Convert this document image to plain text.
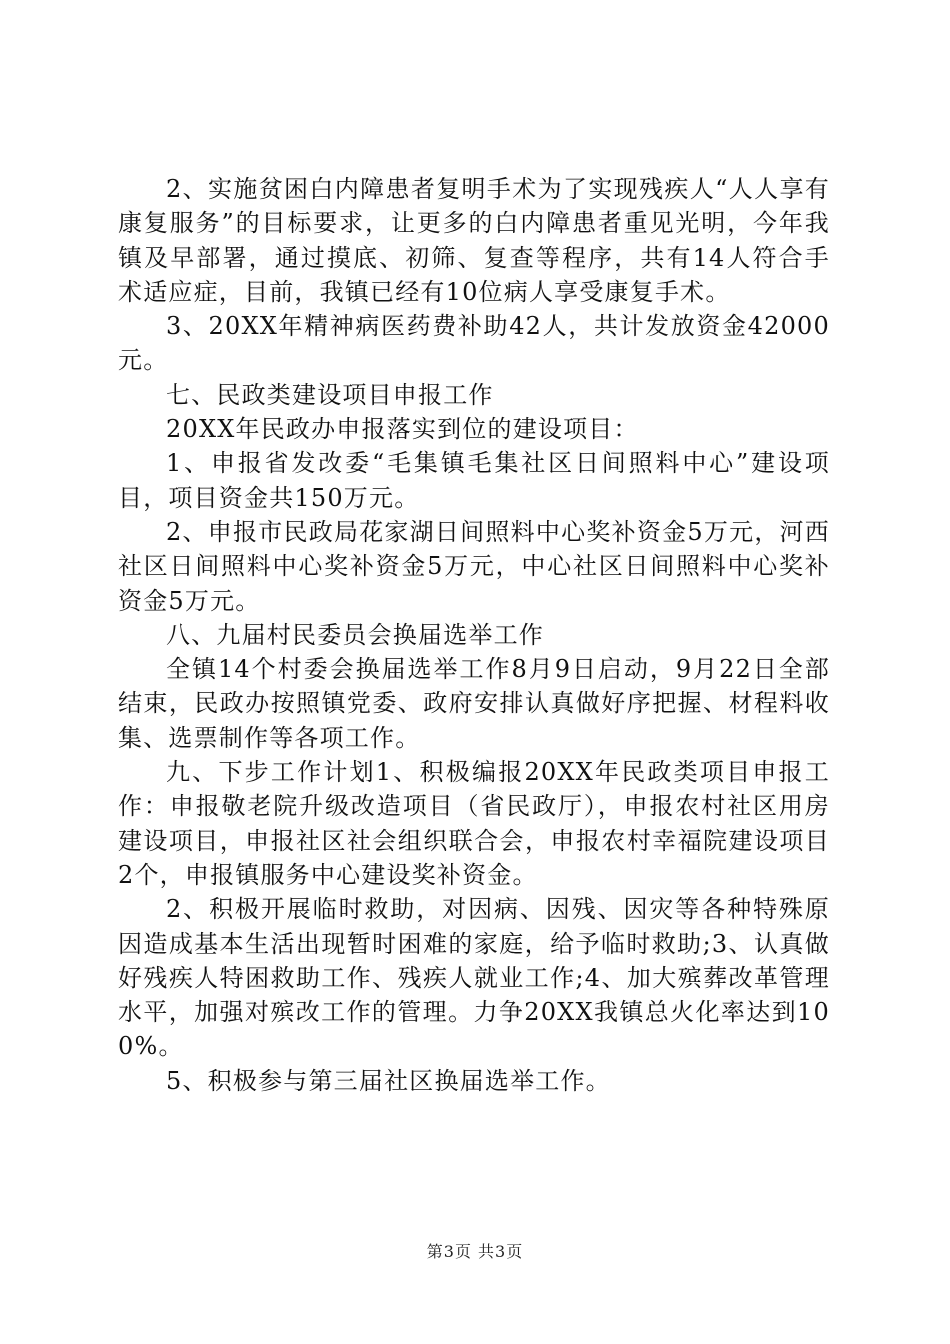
2、实施贫困白内障患者复明手术为了实现残疾人“人人享有康复服务”的目标要求，让更多的白内障患者重见光明，今年我镇及早部署，通过摸底、初筛、复查等程序，共有14人符合手术适应症，目前，我镇已经有10位病人享受康复手术。

3、20XX年精神病医药费补助42人，共计发放资金42000元。

七、民政类建设项目申报工作

20XX年民政办申报落实到位的建设项目：

1、申报省发改委“毛集镇毛集社区日间照料中心”建设项目，项目资金共150万元。

2、申报市民政局花家湖日间照料中心奖补资金5万元，河西社区日间照料中心奖补资金5万元，中心社区日间照料中心奖补资金5万元。

八、九届村民委员会换届选举工作

全镇14个村委会换届选举工作8月9日启动，9月22日全部结束，民政办按照镇党委、政府安排认真做好序把握、材程料收集、选票制作等各项工作。

九、下步工作计划1、积极编报20XX年民政类项目申报工作：申报敬老院升级改造项目（省民政厅），申报农村社区用房建设项目，申报社区社会组织联合会，申报农村幸福院建设项目2个，申报镇服务中心建设奖补资金。

2、积极开展临时救助，对因病、因残、因灾等各种特殊原因造成基本生活出现暂时困难的家庭，给予临时救助;3、认真做好残疾人特困救助工作、残疾人就业工作;4、加大殡葬改革管理水平，加强对殡改工作的管理。力争20XX我镇总火化率达到100%。

5、积极参与第三届社区换届选举工作。

第3页 共3页
